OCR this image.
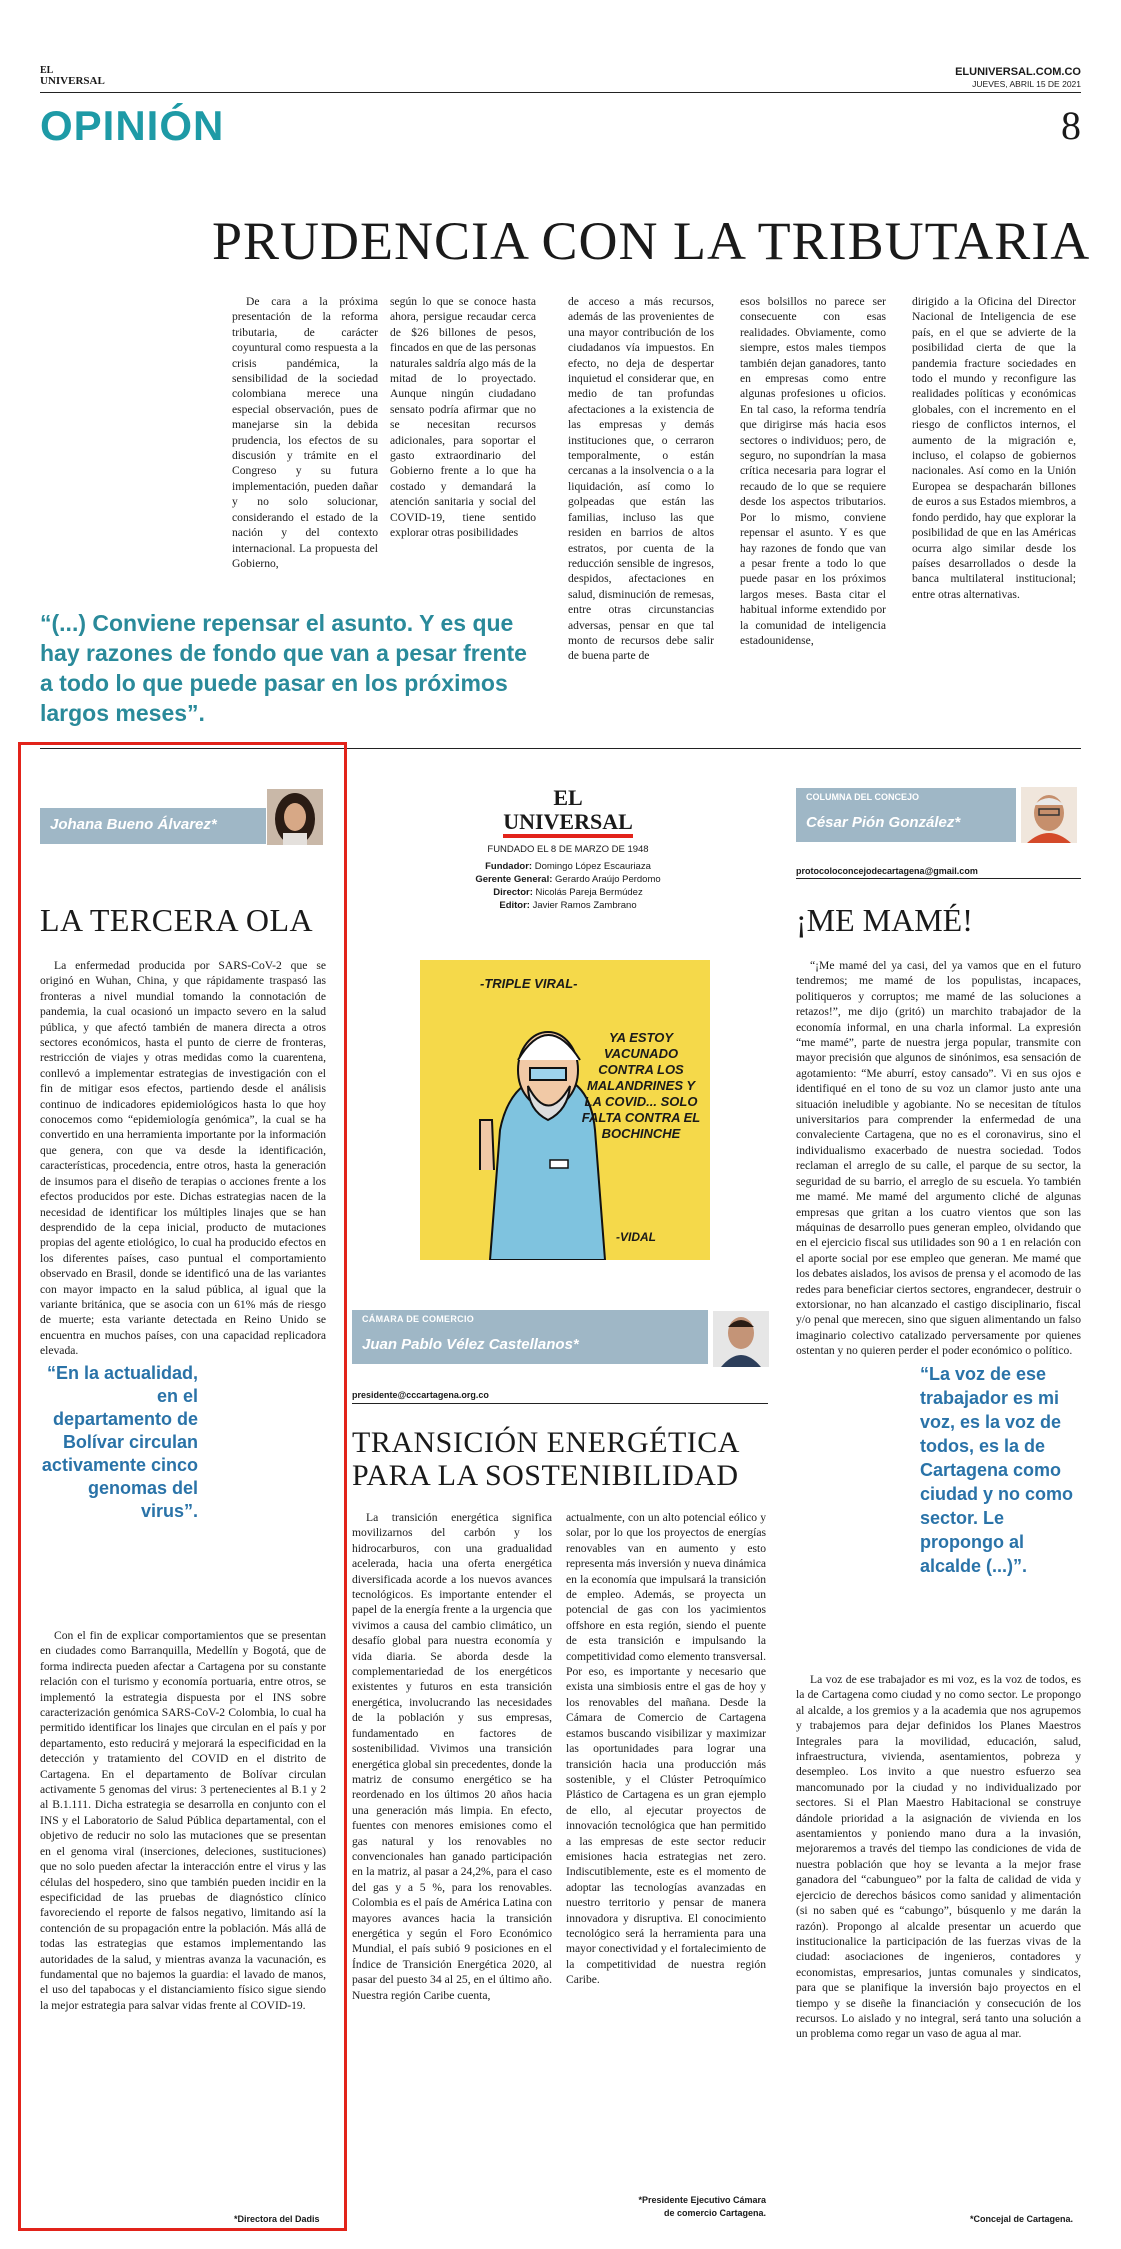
EL
UNIVERSAL
ELUNIVERSAL.COM.CO
JUEVES, ABRIL 15 DE 2021
OPINIÓN	8
PRUDENCIA CON LA TRIBUTARIA

De cara a la próxima presentación de la reforma tributaria, de carácter coyuntural como respuesta a la crisis pandémica, la sensibilidad de la sociedad colombiana merece una especial observación, pues de manejarse sin la debida prudencia, los efectos de su discusión y trámite en el Congreso y su futura implementación, pueden dañar y no solo solucionar, considerando el estado de la nación y del contexto internacional. La propuesta del Gobierno,

según lo que se conoce hasta ahora, persigue recaudar cerca de $26 billones de pesos, fincados en que de las personas naturales saldría algo más de la mitad de lo proyectado. Aunque ningún ciudadano sensato podría afirmar que no se necesitan recursos adicionales, para soportar el gasto extraordinario del Gobierno frente a lo que ha costado y demandará la atención sanitaria y social del COVID-19, tiene sentido explorar otras posibilidades

de acceso a más recursos, además de las provenientes de una mayor contribución de los ciudadanos vía impuestos. En efecto, no deja de despertar inquietud el considerar que, en medio de tan profundas afectaciones a la existencia de las empresas y demás instituciones que, o cerraron temporalmente, o están cercanas a la insolvencia o a la liquidación, así como lo golpeadas que están las familias, incluso las que residen en barrios de altos estratos, por cuenta de la reducción sensible de ingresos, despidos, afectaciones en salud, disminución de remesas, entre otras circunstancias adversas, pensar en que tal monto de recursos debe salir de buena parte de

esos bolsillos no parece ser consecuente con esas realidades. Obviamente, como siempre, estos males tiempos también dejan ganadores, tanto en empresas como entre algunas profesiones u oficios. En tal caso, la reforma tendría que dirigirse más hacia esos sectores o individuos; pero, de seguro, no supondrían la masa crítica necesaria para lograr el recaudo de lo que se requiere desde los aspectos tributarios. Por lo mismo, conviene repensar el asunto. Y es que hay razones de fondo que van a pesar frente a todo lo que puede pasar en los próximos largos meses. Basta citar el habitual informe extendido por la comunidad de inteligencia estadounidense,

dirigido a la Oficina del Director Nacional de Inteligencia de ese país, en el que se advierte de la posibilidad cierta de que la pandemia fracture sociedades en todo el mundo y reconfigure las realidades políticas y económicas globales, con el incremento en el riesgo de conflictos internos, el aumento de la migración e, incluso, el colapso de gobiernos nacionales. Así como en la Unión Europea se despacharán billones de euros a sus Estados miembros, a fondo perdido, hay que explorar la posibilidad de que en las Américas ocurra algo similar desde los países desarrollados o desde la banca multilateral institucional; entre otras alternativas.

“(...) Conviene repensar el asunto. Y es que hay razones de fondo que van a pesar frente a todo lo que puede pasar en los próximos largos meses”.
Johana Bueno Álvarez*
LA TERCERA OLA

La enfermedad producida por SARS-CoV-2 que se originó en Wuhan, China, y que rápidamente traspasó las fronteras a nivel mundial tomando la connotación de pandemia, la cual ocasionó un impacto severo en la salud pública, y que afectó también de manera directa a otros sectores económicos, hasta el punto de cierre de fronteras, restricción de viajes y otras medidas como la cuarentena, conllevó a implementar estrategias de investigación con el fin de mitigar esos efectos, partiendo desde el análisis continuo de indicadores epidemiológicos hasta lo que hoy conocemos como “epidemiología genómica”, la cual se ha convertido en una herramienta importante por la información que genera, con que va desde la identificación, características, procedencia, entre otros, hasta la generación de insumos para el diseño de terapias o acciones frente a los efectos producidos por este. Dichas estrategias nacen de la necesidad de identificar los múltiples linajes que se han desprendido de la cepa inicial, producto de mutaciones propias del agente etiológico, lo cual ha producido efectos en los diferentes países, caso puntual el comportamiento observado en Brasil, donde se identificó una de las variantes con mayor impacto en la salud pública, al igual que la variante británica, que se asocia con un 61% más de riesgo de muerte; esta variante detectada en Reino Unido se encuentra en muchos países, con una capacidad replicadora elevada.

“En la actualidad, en el departamento de Bolívar circulan activamente cinco genomas del virus”.

Con el fin de explicar comportamientos que se presentan en ciudades como Barranquilla, Medellín y Bogotá, que de forma indirecta pueden afectar a Cartagena por su constante relación con el turismo y economía portuaria, entre otros, se implementó la estrategia dispuesta por el INS sobre caracterización genómica SARS-CoV-2 Colombia, lo cual ha permitido identificar los linajes que circulan en el país y por departamento, esto reducirá y mejorará la especificidad en la detección y tratamiento del COVID en el distrito de Cartagena. En el departamento de Bolívar circulan activamente 5 genomas del virus: 3 pertenecientes al B.1 y 2 al B.1.111. Dicha estrategia se desarrolla en conjunto con el INS y el Laboratorio de Salud Pública departamental, con el objetivo de reducir no solo las mutaciones que se presentan en el genoma viral (inserciones, deleciones, sustituciones) que no solo pueden afectar la interacción entre el virus y las células del hospedero, sino que también pueden incidir en la especificidad de las pruebas de diagnóstico clínico favoreciendo el reporte de falsos negativo, limitando así la contención de su propagación entre la población. Más allá de todas las estrategias que estamos implementando las autoridades de la salud, y mientras avanza la vacunación, es fundamental que no bajemos la guardia: el lavado de manos, el uso del tapabocas y el distanciamiento físico sigue siendo la mejor estrategia para salvar vidas frente al COVID-19.

*Directora del Dadis
EL
UNIVERSAL
FUNDADO EL 8 DE MARZO DE 1948
Fundador: Domingo López Escauriaza
Gerente General: Gerardo Araújo Perdomo
Director: Nicolás Pareja Bermúdez
Editor: Javier Ramos Zambrano
-TRIPLE VIRAL-
YA ESTOY VACUNADO CONTRA LOS MALANDRINES Y LA COVID... SOLO FALTA CONTRA EL BOCHINCHE
-VIDAL
CÁMARA DE COMERCIO
Juan Pablo Vélez Castellanos*
presidente@cccartagena.org.co
TRANSICIÓN ENERGÉTICA
PARA LA SOSTENIBILIDAD

La transición energética significa movilizarnos del carbón y los hidrocarburos, con una gradualidad acelerada, hacia una oferta energética diversificada acorde a los nuevos avances tecnológicos. Es importante entender el papel de la energía frente a la urgencia que vivimos a causa del cambio climático, un desafío global para nuestra economía y vida diaria. Se aborda desde la complementariedad de los energéticos existentes y futuros en esta transición energética, involucrando las necesidades de la población y sus empresas, fundamentado en factores de sostenibilidad. Vivimos una transición energética global sin precedentes, donde la matriz de consumo energético se ha reordenado en los últimos 20 años hacia una generación más limpia. En efecto, fuentes con menores emisiones como el gas natural y los renovables no convencionales han ganado participación en la matriz, al pasar a 24,2%, para el caso del gas y a 5 %, para los renovables. Colombia es el país de América Latina con mayores avances hacia la transición energética y según el Foro Económico Mundial, el país subió 9 posiciones en el Índice de Transición Energética 2020, al pasar del puesto 34 al 25, en el último año. Nuestra región Caribe cuenta,

actualmente, con un alto potencial eólico y solar, por lo que los proyectos de energías renovables van en aumento y esto representa más inversión y nueva dinámica en la economía que impulsará la transición de empleo. Además, se proyecta un potencial de gas con los yacimientos offshore en esta región, siendo el puente de esta transición e impulsando la competitividad como elemento transversal. Por eso, es importante y necesario que exista una simbiosis entre el gas de hoy y los renovables del mañana. Desde la Cámara de Comercio de Cartagena estamos buscando visibilizar y maximizar las oportunidades para lograr una transición hacia una producción más sostenible, y el Clúster Petroquímico Plástico de Cartagena es un gran ejemplo de ello, al ejecutar proyectos de innovación tecnológica que han permitido a las empresas de este sector reducir emisiones hacia estrategias net zero. Indiscutiblemente, este es el momento de adoptar las tecnologías avanzadas en nuestro territorio y pensar de manera innovadora y disruptiva. El conocimiento tecnológico será la herramienta para una mayor conectividad y el fortalecimiento de la competitividad de nuestra región Caribe.

*Presidente Ejecutivo Cámara
de comercio Cartagena.
COLUMNA DEL CONCEJO
César Pión González*
protocoloconcejodecartagena@gmail.com
¡ME MAMÉ!

“¡Me mamé del ya casi, del ya vamos que en el futuro tendremos; me mamé de los populistas, incapaces, politiqueros y corruptos; me mamé de las soluciones a retazos!”, me dijo (gritó) un marchito trabajador de la economía informal, en una charla informal. La expresión “me mamé”, parte de nuestra jerga popular, transmite con mayor precisión que algunos de sinónimos, esa sensación de agotamiento: “Me aburrí, estoy cansado”. Vi en sus ojos e identifiqué en el tono de su voz un clamor justo ante una situación ineludible y agobiante. No se necesitan de títulos universitarios para comprender la enfermedad de una convaleciente Cartagena, que no es el coronavirus, sino el individualismo exacerbado de nuestra sociedad. Todos reclaman el arreglo de su calle, el parque de su sector, la seguridad de su barrio, el arreglo de su escuela. Yo también me mamé. Me mamé del argumento cliché de algunas empresas que gritan a los cuatro vientos que son las máquinas de desarrollo pues generan empleo, olvidando que en el ejercicio fiscal sus utilidades son 90 a 1 en relación con el aporte social por ese empleo que generan. Me mamé que los debates aislados, los avisos de prensa y el acomodo de las redes para beneficiar ciertos sectores, engrandecer, destruir o extorsionar, no han alcanzado el castigo disciplinario, fiscal y/o penal que merecen, sino que siguen alimentando un falso imaginario colectivo catalizado perversamente por quienes ostentan y no quieren perder el poder económico o político.

“La voz de ese trabajador es mi voz, es la voz de todos, es la de Cartagena como ciudad y no como sector. Le propongo al alcalde (...)”.

La voz de ese trabajador es mi voz, es la voz de todos, es la de Cartagena como ciudad y no como sector. Le propongo al alcalde, a los gremios y a la academia que nos agrupemos y trabajemos para dejar definidos los Planes Maestros Integrales para la movilidad, educación, salud, infraestructura, vivienda, asentamientos, pobreza y desempleo. Los invito a que nuestro esfuerzo sea mancomunado por la ciudad y no individualizado por sectores. Si el Plan Maestro Habitacional se construye dándole prioridad a la asignación de vivienda en los asentamientos y poniendo mano dura a la invasión, mejoraremos a través del tiempo las condiciones de vida de nuestra población que hoy se levanta a la mejor frase ganadora del “cabungueo” por la falta de calidad de vida y ejercicio de derechos básicos como sanidad y alimentación (si no saben qué es “cabungo”, búsquenlo y me darán la razón). Propongo al alcalde presentar un acuerdo que institucionalice la participación de las fuerzas vivas de la ciudad: asociaciones de ingenieros, contadores y economistas, empresarios, juntas comunales y sindicatos, para que se planifique la inversión bajo proyectos en el tiempo y se diseñe la financiación y consecución de los recursos. Lo aislado y no integral, será tanto una solución a un problema como regar un vaso de agua al mar.

*Concejal de Cartagena.
